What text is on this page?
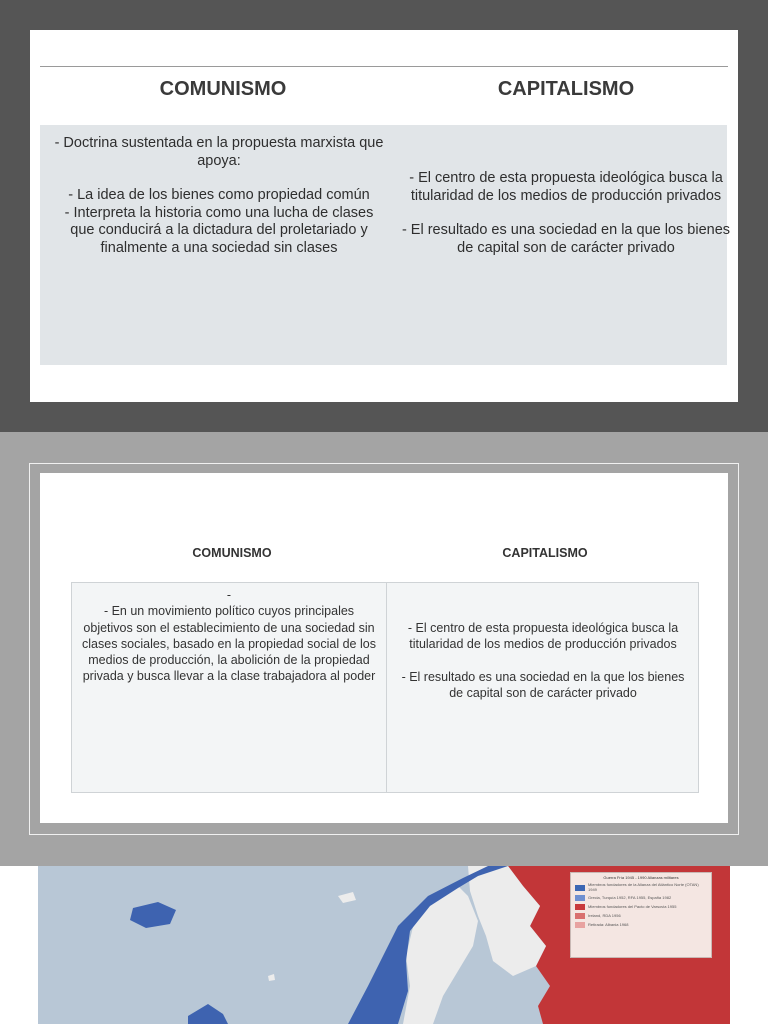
COMUNISMO	CAPITALISMO

- Doctrina sustentada en la propuesta marxista que apoya:

- La idea de los bienes como propiedad común

- Interpreta la historia como una lucha de clases que conducirá a la dictadura del proletariado y finalmente a una sociedad sin clases

- El centro de esta propuesta ideológica busca la titularidad de los medios de producción privados

- El resultado es una sociedad en la que los bienes de capital son de carácter privado

COMUNISMO	CAPITALISMO

-

- En un movimiento político cuyos principales objetivos son el establecimiento de una sociedad sin clases sociales, basado en la propiedad social de los medios de producción, la abolición de la propiedad privada y busca llevar a la clase trabajadora al poder

- El centro de esta propuesta ideológica busca la titularidad de los medios de producción privados

- El resultado es una sociedad en la que los bienes de capital son de carácter privado

Guerra Fría 1945 - 1990 Alianzas militares
Miembros fundadores de la Alianza del Atlántico Norte (OTAN) 1949
Grecia, Turquía 1952, RFA 1955, España 1982
Miembros fundadores del Pacto de Varsovia 1955
Ireland, RDA 1956
Retirada: Albania 1968
